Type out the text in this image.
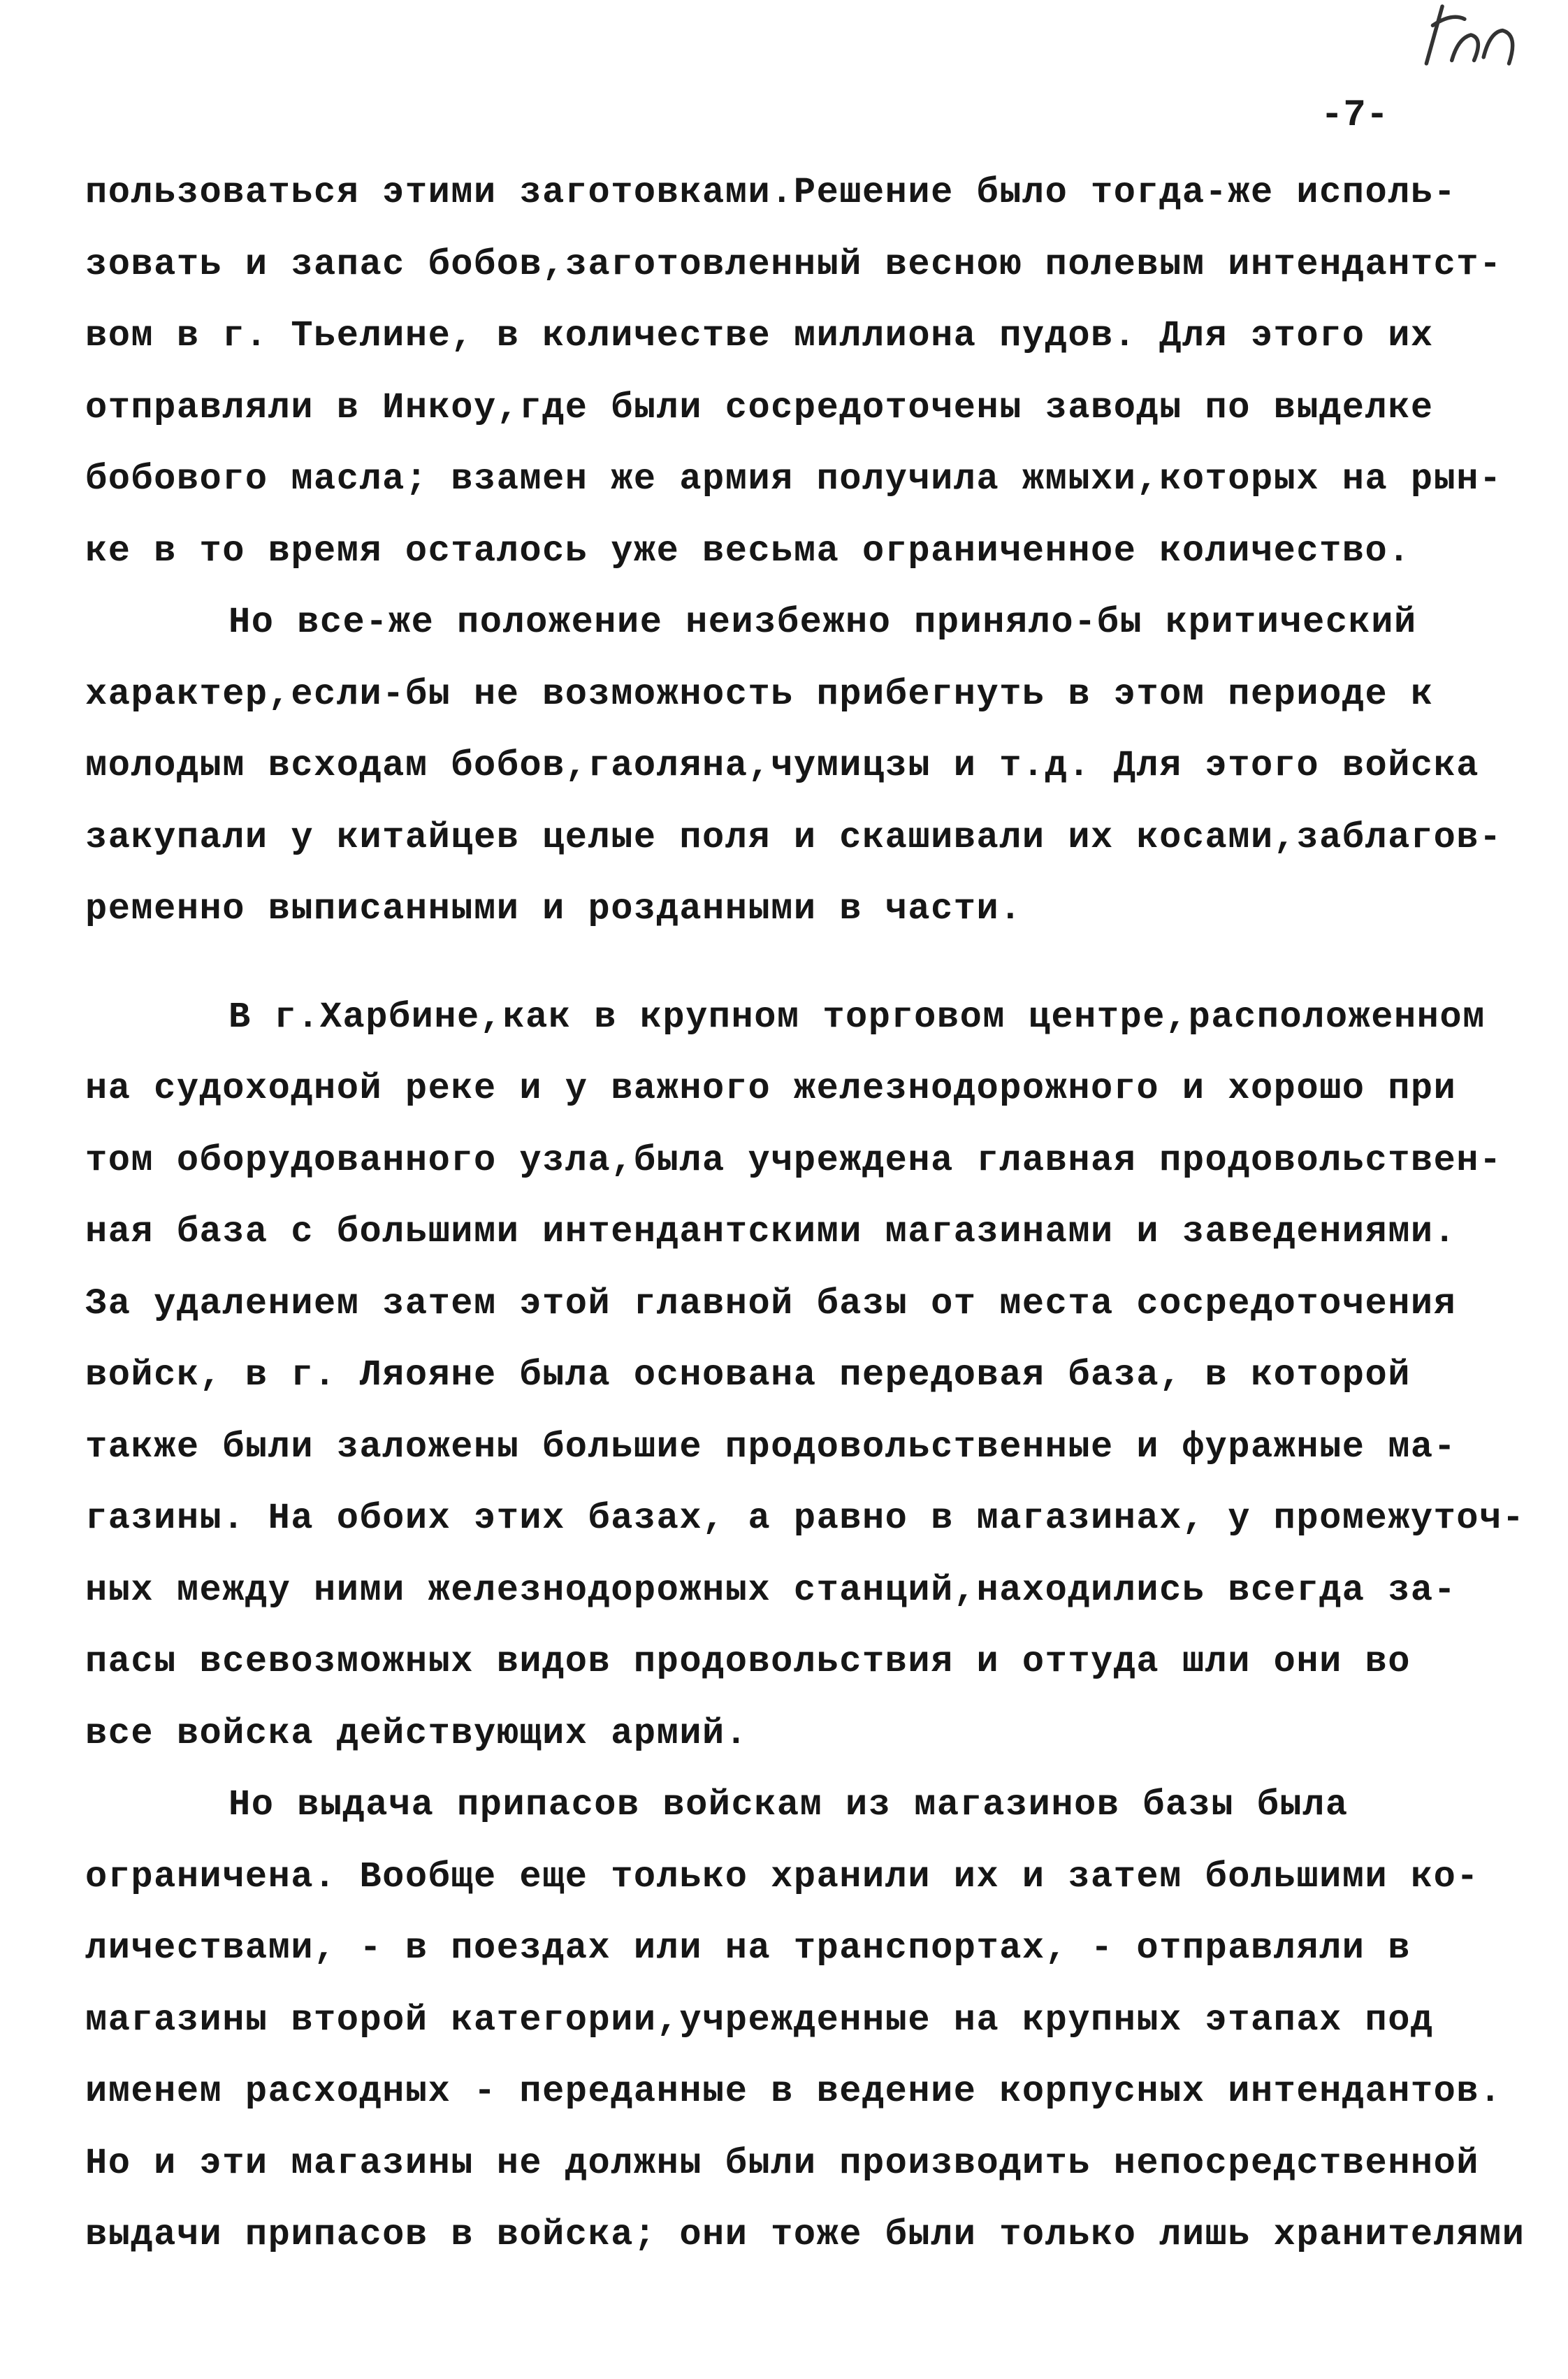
-7-
пользоваться этими заготовками.Решение было тогда-же исполь-
зовать и запас бобов,заготовленный весною полевым интендантст-
вом в г. Тьелине, в количестве миллиона пудов. Для этого их
отправляли в Инкоу,где были сосредоточены заводы по выделке
бобового масла; взамен же армия получила жмыхи,которых на рын-
ке в то время осталось уже весьма ограниченное количество.
Но все-же положение неизбежно приняло-бы критический
характер,если-бы не возможность прибегнуть в этом периоде к
молодым всходам бобов,гаоляна,чумицзы и т.д. Для этого войска
закупали у китайцев целые поля и скашивали их косами,заблагов-
ременно выписанными и розданными в части.
В г.Харбине,как в крупном торговом центре,расположенном
на судоходной реке и у важного железнодорожного и хорошо при
том оборудованного узла,была учреждена главная продовольствен-
ная база с большими интендантскими магазинами и заведениями.
За удалением затем этой главной базы от места сосредоточения
войск, в г. Ляояне была основана передовая база, в которой
также были заложены большие продовольственные и фуражные ма-
газины. На обоих этих базах, а равно в магазинах, у промежуточ-
ных между ними железнодорожных станций,находились всегда за-
пасы всевозможных видов продовольствия и оттуда шли они во
все войска действующих армий.
Но выдача припасов войскам из магазинов базы была
ограничена. Вообще еще только хранили их и затем большими ко-
личествами, - в поездах или на транспортах, - отправляли в
магазины второй категории,учрежденные на крупных этапах под
именем расходных - переданные в ведение корпусных интендантов.
Но и эти магазины не должны были производить непосредственной
выдачи припасов в войска; они тоже были только лишь хранителями
